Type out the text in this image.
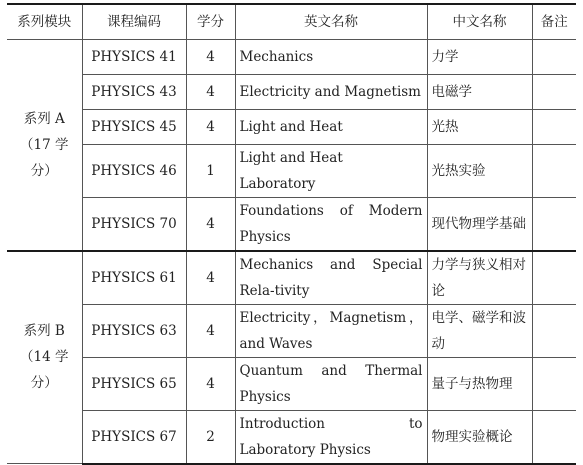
系列模块	课程编码	学分	英文名称	中文名称	备注

系列 A
（17 学分）	PHYSICS 41	4	Mechanics	力学	
	PHYSICS 43	4	Electricity and Magnetism	电磁学	
	PHYSICS 45	4	Light and Heat	光热	
	PHYSICS 46	1	Light and Heat Laboratory	光热实验	
	PHYSICS 70	4	Foundations of Modern Physics	现代物理学基础	

系列 B
（14 学分）	PHYSICS 61	4	Mechanics and Special Rela-tivity	力学与狭义相对论	
	PHYSICS 63	4	Electricity，Magnetism，and Waves	电学、磁学和波动	
	PHYSICS 65	4	Quantum and Thermal Physics	量子与热物理	
	PHYSICS 67	2	Introduction to Laboratory Physics	物理实验概论	
